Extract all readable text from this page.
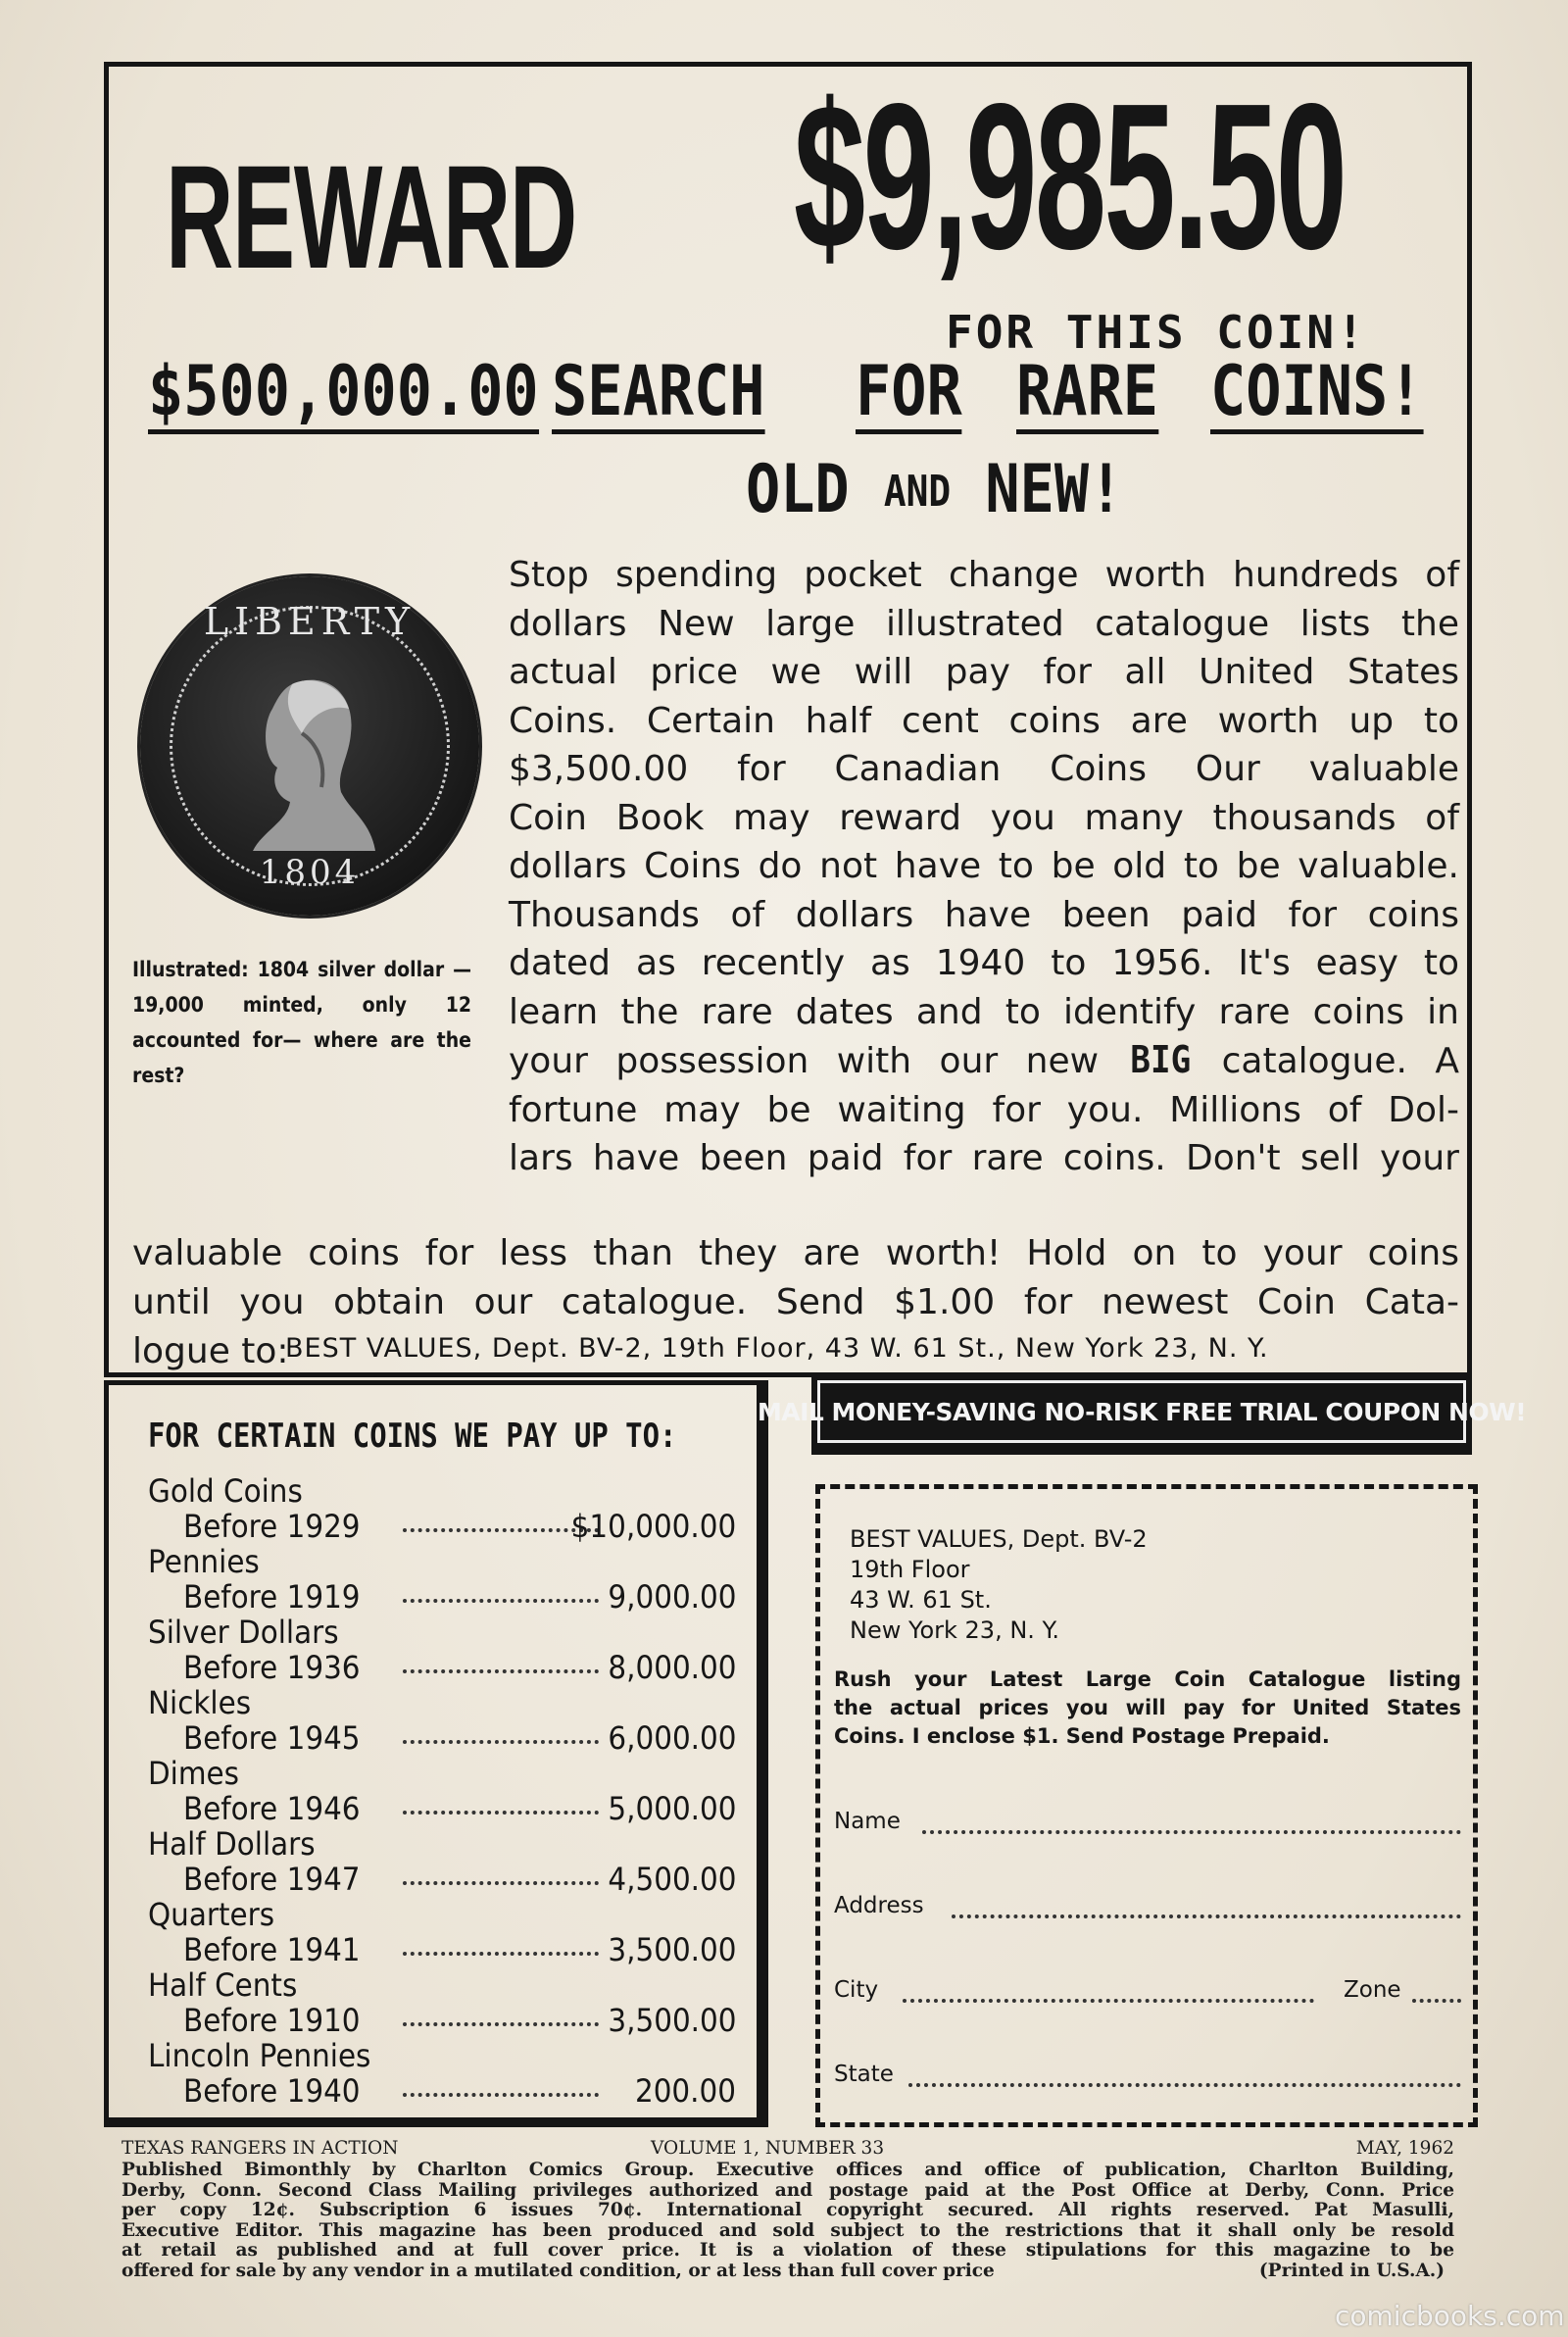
REWARD $9,985.50
FOR THIS COIN!
$500,000.00 SEARCH FOR RARE COINS!
OLD AND NEW!
LIBERTY
1804
Illustrated: 1804 silver dollar — 19,000 minted, only 12 accounted for— where are the rest?
Stop spending pocket change worth hundreds of
dollars New large illustrated catalogue lists the
actual price we will pay for all United States
Coins. Certain half cent coins are worth up to
$3,500.00 for Canadian Coins Our valuable
Coin Book may reward you many thousands of
dollars Coins do not have to be old to be valuable.
Thousands of dollars have been paid for coins
dated as recently as 1940 to 1956. It's easy to
learn the rare dates and to identify rare coins in
your possession with our new BIG catalogue. A
fortune may be waiting for you. Millions of Dol-
lars have been paid for rare coins. Don't sell your
valuable coins for less than they are worth! Hold on to your coins
until you obtain our catalogue. Send $1.00 for newest Coin Cata-
logue to:
BEST VALUES, Dept. BV-2, 19th Floor, 43 W. 61 St., New York 23, N. Y.
FOR CERTAIN COINS WE PAY UP TO:
Gold Coins
Before 1929	$10,000.00
Pennies
Before 1919	9,000.00
Silver Dollars
Before 1936	8,000.00
Nickles
Before 1945	6,000.00
Dimes
Before 1946	5,000.00
Half Dollars
Before 1947	4,500.00
Quarters
Before 1941	3,500.00
Half Cents
Before 1910	3,500.00
Lincoln Pennies
Before 1940	200.00
MAIL MONEY-SAVING NO-RISK FREE TRIAL COUPON NOW!
BEST VALUES, Dept. BV-2
19th Floor
43 W. 61 St.
New York 23, N. Y.
Rush your Latest Large Coin Catalogue listing
the actual prices you will pay for United States
Coins. I enclose $1. Send Postage Prepaid.
Name
Address
City	Zone
State
TEXAS RANGERS IN ACTION	VOLUME 1, NUMBER 33	MAY, 1962
Published Bimonthly by Charlton Comics Group. Executive offices and office of publication, Charlton Building,
Derby, Conn. Second Class Mailing privileges authorized and postage paid at the Post Office at Derby, Conn. Price
per copy 12¢. Subscription 6 issues 70¢. International copyright secured. All rights reserved. Pat Masulli,
Executive Editor. This magazine has been produced and sold subject to the restrictions that it shall only be resold
at retail as published and at full cover price. It is a violation of these stipulations for this magazine to be
offered for sale by any vendor in a mutilated condition, or at less than full cover price	(Printed in U.S.A.)
comicbooks.com
